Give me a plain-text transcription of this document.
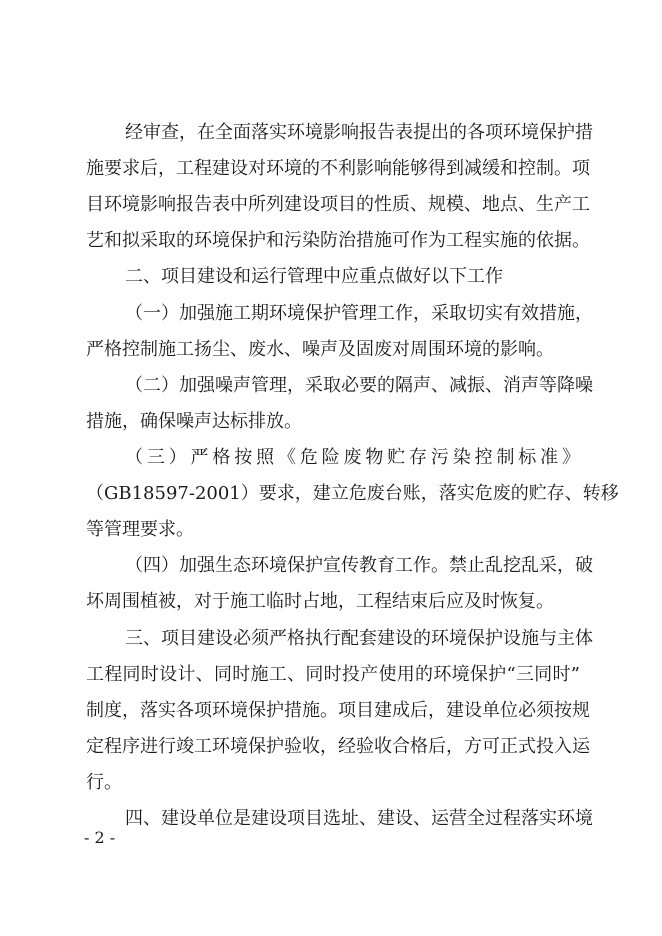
经审查，在全面落实环境影响报告表提出的各项环境保护措
施要求后，工程建设对环境的不利影响能够得到减缓和控制。项
目环境影响报告表中所列建设项目的性质、规模、地点、生产工
艺和拟采取的环境保护和污染防治措施可作为工程实施的依据。
二、项目建设和运行管理中应重点做好以下工作
（一）加强施工期环境保护管理工作，采取切实有效措施，
严格控制施工扬尘、废水、噪声及固废对周围环境的影响。
（二）加强噪声管理，采取必要的隔声、减振、消声等降噪
措施，确保噪声达标排放。
（三）严格按照《危险废物贮存污染控制标准》
（GB18597-2001）要求，建立危废台账，落实危废的贮存、转移
等管理要求。
（四）加强生态环境保护宣传教育工作。禁止乱挖乱采，破
坏周围植被，对于施工临时占地，工程结束后应及时恢复。
三、项目建设必须严格执行配套建设的环境保护设施与主体
工程同时设计、同时施工、同时投产使用的环境保护“三同时”
制度，落实各项环境保护措施。项目建成后，建设单位必须按规
定程序进行竣工环境保护验收，经验收合格后，方可正式投入运
行。
四、建设单位是建设项目选址、建设、运营全过程落实环境
- 2 -
